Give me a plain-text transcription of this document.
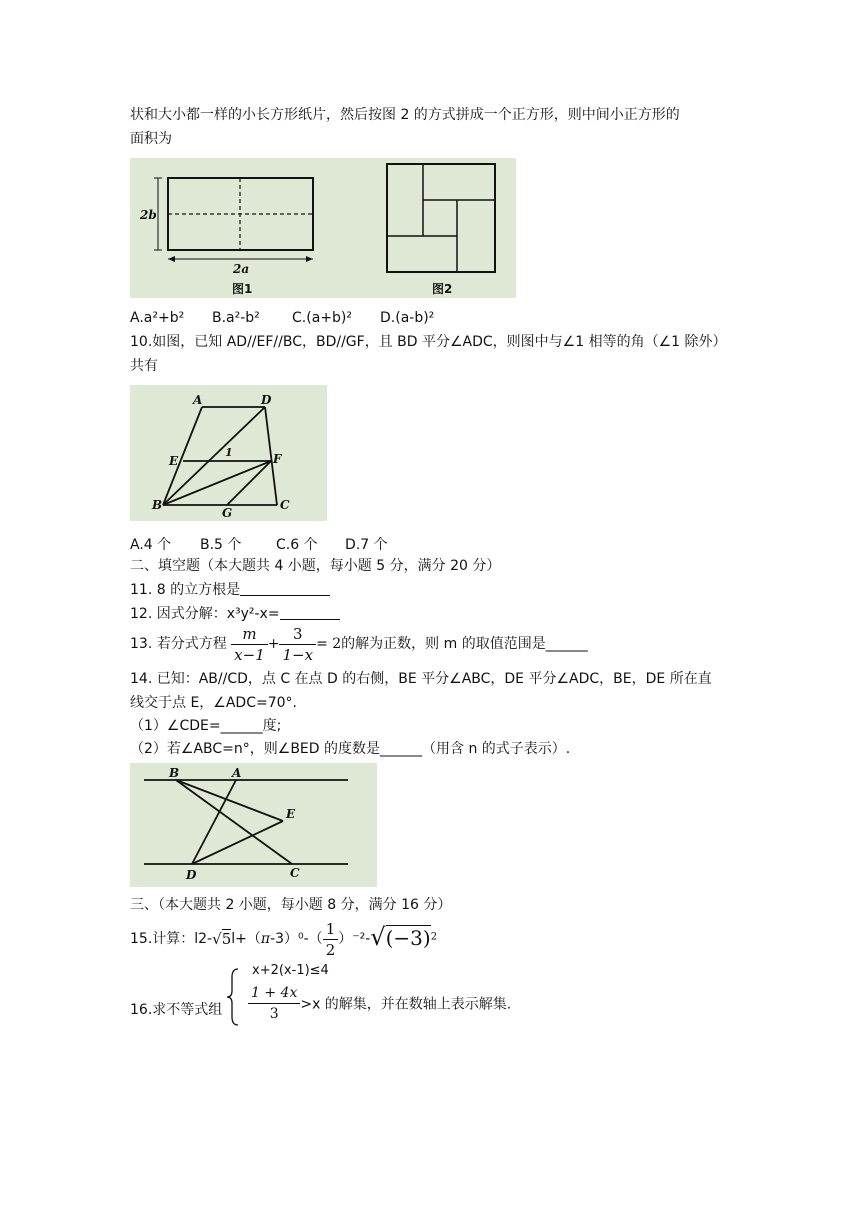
状和大小都一样的小长方形纸片，然后按图 2 的方式拼成一个正方形，则中间小正方形的
面积为
2b
2a
图1	图2
A.a²+b² B.a²-b² C.(a+b)² D.(a-b)²
10.如图，已知 AD//EF//BC，BD//GF，且 BD 平分∠ADC，则图中与∠1 相等的角（∠1 除外）
共有
A	D
E
1	F
B
G
C
A.4 个 B.5 个 C.6 个 D.7 个
二、填空题（本大题共 4 小题，每小题 5 分，满分 20 分）
11. 8 的立方根是
12. 因式分解：x³y²-x=
13. 若分式方程 $\frac{m}{x-1} + \frac{3}{1-x} = 2$的解为正数，则 m 的取值范围是______
14. 已知：AB//CD，点 C 在点 D 的右侧，BE 平分∠ABC，DE 平分∠ADC，BE，DE 所在直
线交于点 E，∠ADC=70°.
（1）∠CDE=______度;
（2）若∠ABC=n°，则∠BED 的度数是______（用含 n 的式子表示）.
B	A
E
D	C
三、（本大题共 2 小题，每小题 8 分，满分 16 分）
15.计算：$l2-√5l+(\pi-3)^0-( \frac{1}{2} )^{-2}-√(-3)^2$
16.求不等式组
x+2(x-1)≤4
$\frac{1 + 4x}{3} >x$ 的解集，并在数轴上表示解集.
